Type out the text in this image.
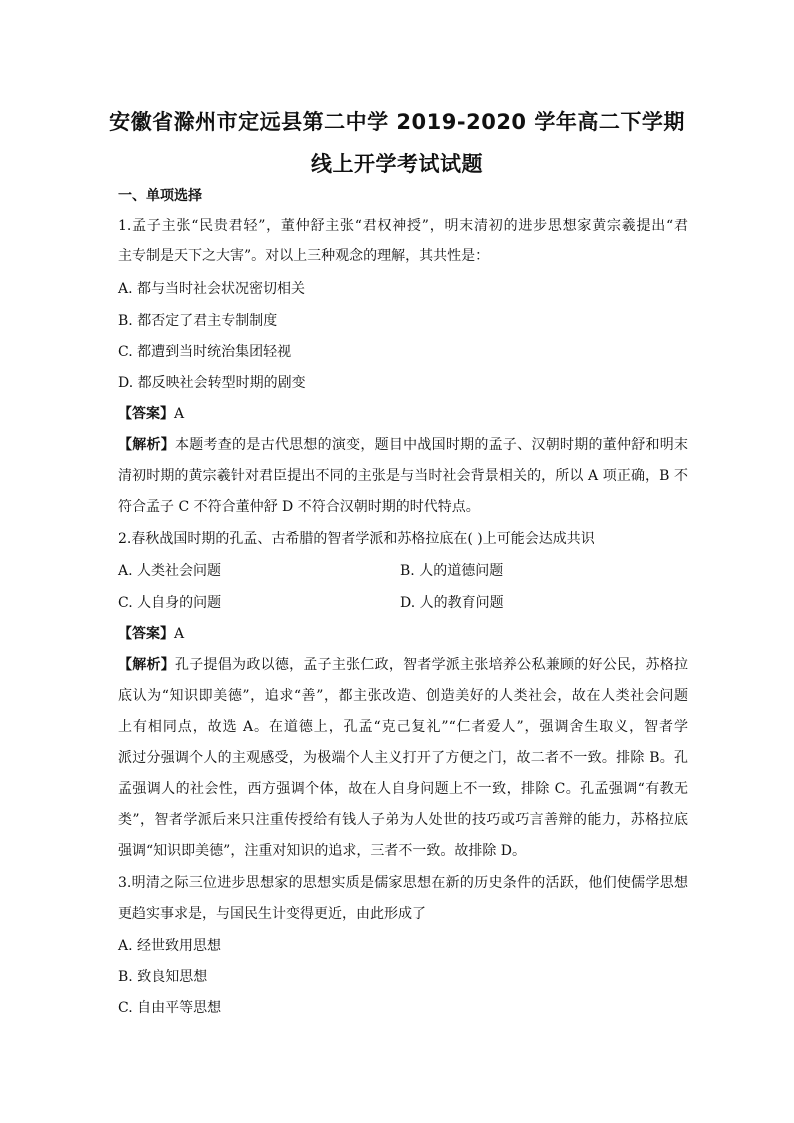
安徽省滁州市定远县第二中学 2019-2020 学年高二下学期
线上开学考试试题
一、单项选择
1.孟子主张“民贵君轻”，董仲舒主张“君权神授”，明末清初的进步思想家黄宗羲提出“君
主专制是天下之大害”。对以上三种观念的理解，其共性是：
A. 都与当时社会状况密切相关
B. 都否定了君主专制制度
C. 都遭到当时统治集团轻视
D. 都反映社会转型时期的剧变
【答案】A
【解析】本题考查的是古代思想的演变，题目中战国时期的孟子、汉朝时期的董仲舒和明末
清初时期的黄宗羲针对君臣提出不同的主张是与当时社会背景相关的，所以 A 项正确，B 不
符合孟子 C 不符合董仲舒 D 不符合汉朝时期的时代特点。
2.春秋战国时期的孔孟、古希腊的智者学派和苏格拉底在( )上可能会达成共识
A. 人类社会问题	B. 人的道德问题
C. 人自身的问题	D. 人的教育问题
【答案】A
【解析】孔子提倡为政以德，孟子主张仁政，智者学派主张培养公私兼顾的好公民，苏格拉
底认为“知识即美德”，追求“善”，都主张改造、创造美好的人类社会，故在人类社会问题
上有相同点，故选 A。在道德上，孔孟“克己复礼”“仁者爱人”，强调舍生取义，智者学
派过分强调个人的主观感受，为极端个人主义打开了方便之门，故二者不一致。排除 B。孔
孟强调人的社会性，西方强调个体，故在人自身问题上不一致，排除 C。孔孟强调“有教无
类”，智者学派后来只注重传授给有钱人子弟为人处世的技巧或巧言善辩的能力，苏格拉底
强调“知识即美德”，注重对知识的追求，三者不一致。故排除 D。
3.明清之际三位进步思想家的思想实质是儒家思想在新的历史条件的活跃，他们使儒学思想
更趋实事求是，与国民生计变得更近，由此形成了
A. 经世致用思想
B. 致良知思想
C. 自由平等思想
